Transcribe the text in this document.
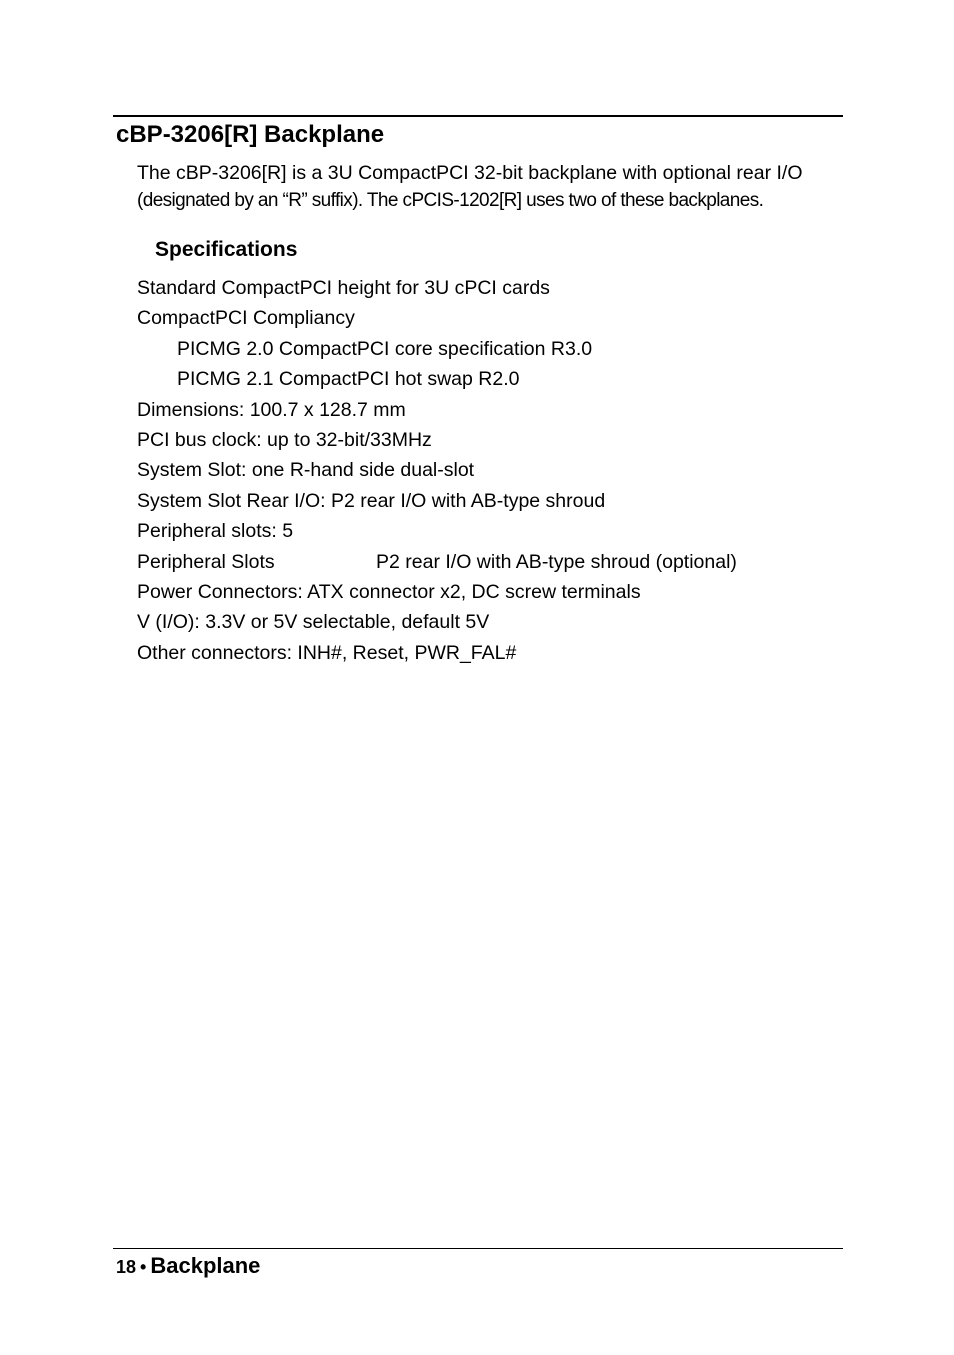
cBP-3206[R] Backplane
The cBP-3206[R] is a 3U CompactPCI 32-bit backplane with optional rear I/O
(designated by an “R” suffix). The cPCIS-1202[R] uses two of these backplanes.
Specifications
Standard CompactPCI height for 3U cPCI cards
CompactPCI Compliancy
PICMG 2.0 CompactPCI core specification R3.0
PICMG 2.1 CompactPCI hot swap R2.0
Dimensions: 100.7 x 128.7 mm
PCI bus clock: up to 32-bit/33MHz
System Slot: one R-hand side dual-slot
System Slot Rear I/O: P2 rear I/O with AB-type shroud
Peripheral slots: 5
Peripheral Slots	P2 rear I/O with AB-type shroud (optional)
Power Connectors: ATX connector x2, DC screw terminals
V (I/O): 3.3V or 5V selectable, default 5V
Other connectors: INH#, Reset, PWR_FAL#
18 • Backplane
